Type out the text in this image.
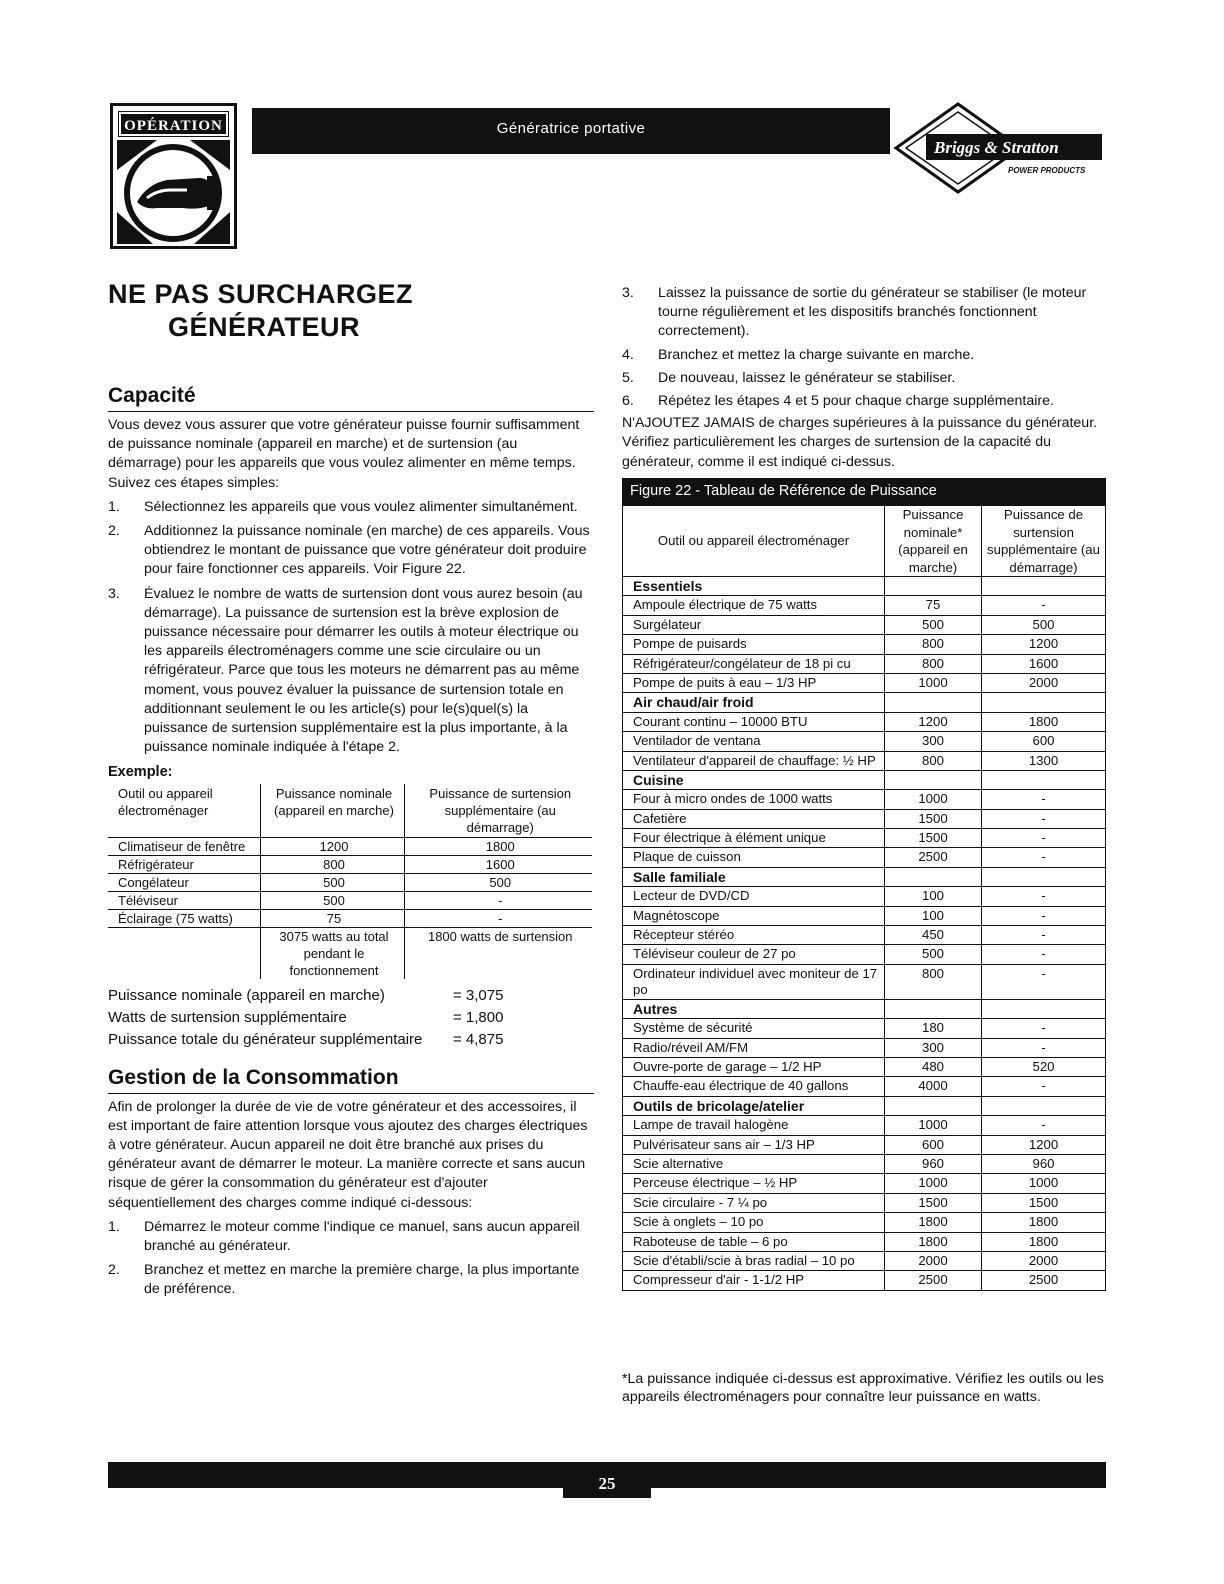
OPÉRATION	Génératrice portative
Briggs & Stratton
POWER PRODUCTS
NE PAS SURCHARGEZ
GÉNÉRATEUR
Capacité

Vous devez vous assurer que votre générateur puisse fournir suffisamment de puissance nominale (appareil en marche) et de surtension (au démarrage) pour les appareils que vous voulez alimenter en même temps. Suivez ces étapes simples:

1. Sélectionnez les appareils que vous voulez alimenter simultanément.
2. Additionnez la puissance nominale (en marche) de ces appareils. Vous obtiendrez le montant de puissance que votre générateur doit produire pour faire fonctionner ces appareils. Voir Figure 22.
3. Évaluez le nombre de watts de surtension dont vous aurez besoin (au démarrage). La puissance de surtension est la brève explosion de puissance nécessaire pour démarrer les outils à moteur électrique ou les appareils électroménagers comme une scie circulaire ou un réfrigérateur. Parce que tous les moteurs ne démarrent pas au même moment, vous pouvez évaluer la puissance de surtension totale en additionnant seulement le ou les article(s) pour le(s)quel(s) la puissance de surtension supplémentaire est la plus importante, à la puissance nominale indiquée à l'étape 2.
Exemple:
Outil ou appareil électroménager	Puissance nominale (appareil en marche)	Puissance de surtension supplémentaire (au démarrage)
Climatiseur de fenêtre	1200	1800
Réfrigérateur	800	1600
Congélateur	500	500
Téléviseur	500	-
Éclairage (75 watts)	75	-
	3075 watts au total pendant le fonctionnement	1800 watts de surtension
Puissance nominale (appareil en marche)	= 3,075
Watts de surtension supplémentaire	= 1,800
Puissance totale du générateur supplémentaire = 4,875
Gestion de la Consommation

Afin de prolonger la durée de vie de votre générateur et des accessoires, il est important de faire attention lorsque vous ajoutez des charges électriques à votre générateur. Aucun appareil ne doit être branché aux prises du générateur avant de démarrer le moteur. La manière correcte et sans aucun risque de gérer la consommation du générateur est d'ajouter séquentiellement des charges comme indiqué ci-dessous:

1. Démarrez le moteur comme l'indique ce manuel, sans aucun appareil branché au générateur.
2. Branchez et mettez en marche la première charge, la plus importante de préférence.
3. Laissez la puissance de sortie du générateur se stabiliser (le moteur tourne régulièrement et les dispositifs branchés fonctionnent correctement).
4. Branchez et mettez la charge suivante en marche.
5. De nouveau, laissez le générateur se stabiliser.
6. Répétez les étapes 4 et 5 pour chaque charge supplémentaire.

N'AJOUTEZ JAMAIS de charges supérieures à la puissance du générateur. Vérifiez particulièrement les charges de surtension de la capacité du générateur, comme il est indiqué ci-dessus.

Figure 22 - Tableau de Référence de Puissance
Outil ou appareil électroménager	Puissance nominale* (appareil en marche)	Puissance de surtension supplémentaire (au démarrage)
Essentiels		
Ampoule électrique de 75 watts	75	-
Surgélateur	500	500
Pompe de puisards	800	1200
Réfrigérateur/congélateur de 18 pi cu	800	1600
Pompe de puits à eau – 1/3 HP	1000	2000
Air chaud/air froid		
Courant continu – 10000 BTU	1200	1800
Ventilador de ventana	300	600
Ventilateur d'appareil de chauffage: ½ HP	800	1300
Cuisine		
Four à micro ondes de 1000 watts	1000	-
Cafetière	1500	-
Four électrique à élément unique	1500	-
Plaque de cuisson	2500	-
Salle familiale		
Lecteur de DVD/CD	100	-
Magnétoscope	100	-
Récepteur stéréo	450	-
Téléviseur couleur de 27 po	500	-
Ordinateur individuel avec moniteur de 17 po	800	-
Autres		
Système de sécurité	180	-
Radio/réveil AM/FM	300	-
Ouvre-porte de garage – 1/2 HP	480	520
Chauffe-eau électrique de 40 gallons	4000	-
Outils de bricolage/atelier		
Lampe de travail halogène	1000	-
Pulvérisateur sans air – 1/3 HP	600	1200
Scie alternative	960	960
Perceuse électrique – ½ HP	1000	1000
Scie circulaire - 7 ¼ po	1500	1500
Scie à onglets – 10 po	1800	1800
Raboteuse de table – 6 po	1800	1800
Scie d'établi/scie à bras radial – 10 po	2000	2000
Compresseur d'air - 1-1/2 HP	2500	2500
*La puissance indiquée ci-dessus est approximative. Vérifiez les outils ou les appareils électroménagers pour connaître leur puissance en watts.
25
